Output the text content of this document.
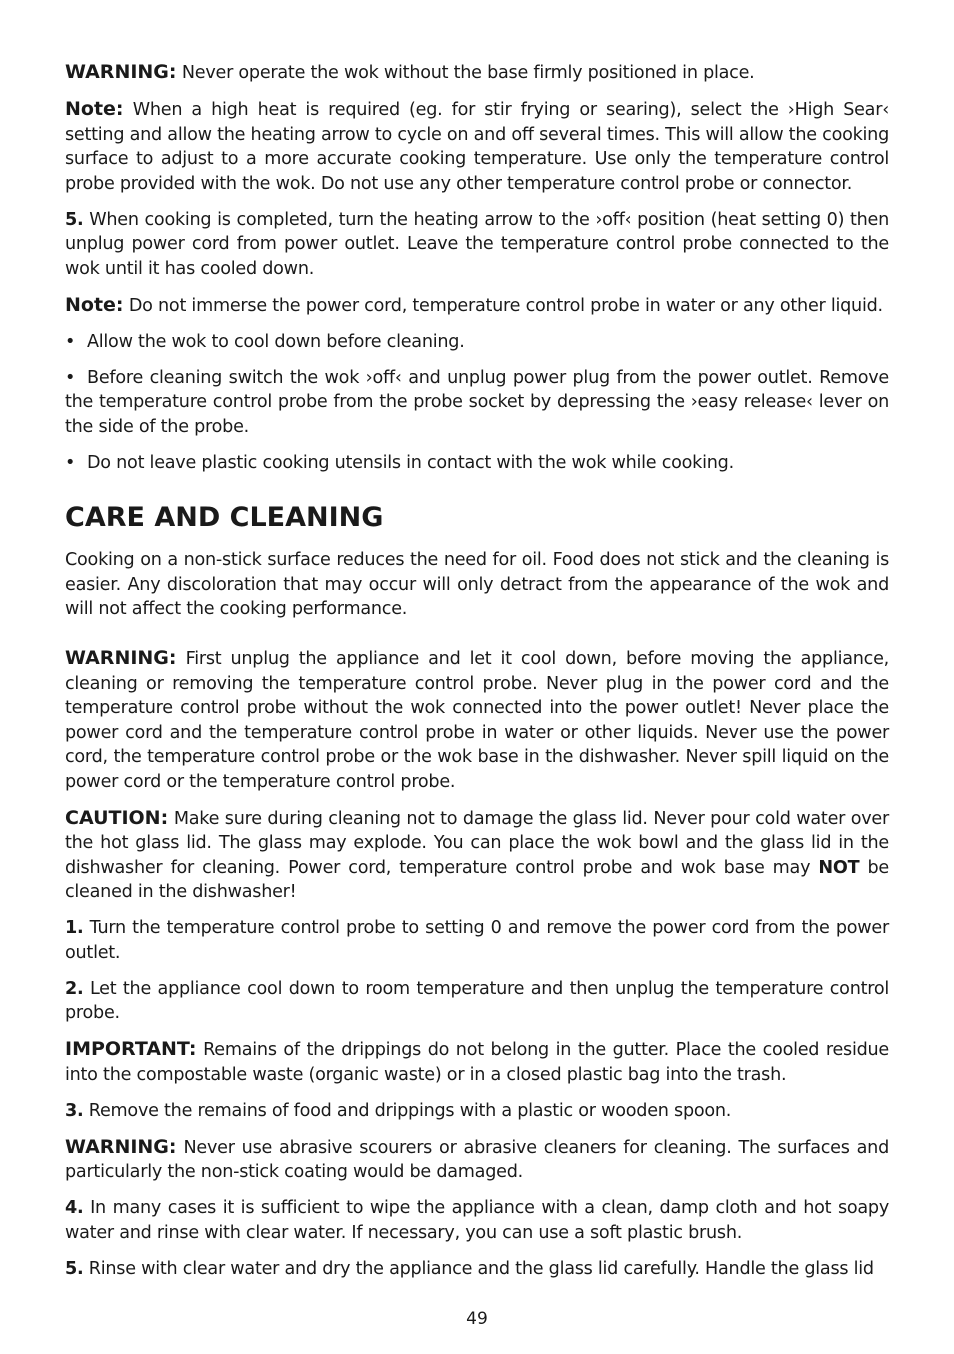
WARNING: Never operate the wok without the base firmly positioned in place.

Note: When a high heat is required (eg. for stir frying or searing), select the ›High Sear‹ setting and allow the heating arrow to cycle on and off several times. This will allow the cooking surface to adjust to a more accurate cooking temperature. Use only the temperature control probe provided with the wok. Do not use any other temperature control probe or connector.

5. When cooking is completed, turn the heating arrow to the ›off‹ position (heat setting 0) then unplug power cord from power outlet. Leave the temperature control probe connected to the wok until it has cooled down.

Note: Do not immerse the power cord, temperature control probe in water or any other liquid.

• Allow the wok to cool down before cleaning.

• Before cleaning switch the wok ›off‹ and unplug power plug from the power outlet. Remove the temperature control probe from the probe socket by depressing the ›easy release‹ lever on the side of the probe.

• Do not leave plastic cooking utensils in contact with the wok while cooking.

CARE AND CLEANING

Cooking on a non-stick surface reduces the need for oil. Food does not stick and the cleaning is easier. Any discoloration that may occur will only detract from the appearance of the wok and will not affect the cooking performance.

WARNING: First unplug the appliance and let it cool down, before moving the appliance, cleaning or removing the temperature control probe. Never plug in the power cord and the temperature control probe without the wok connected into the power outlet! Never place the power cord and the temperature control probe in water or other liquids. Never use the power cord, the temperature control probe or the wok base in the dishwasher. Never spill liquid on the power cord or the temperature control probe.

CAUTION: Make sure during cleaning not to damage the glass lid. Never pour cold water over the hot glass lid. The glass may explode. You can place the wok bowl and the glass lid in the dishwasher for cleaning. Power cord, temperature control probe and wok base may NOT be cleaned in the dishwasher!

1. Turn the temperature control probe to setting 0 and remove the power cord from the power outlet.

2. Let the appliance cool down to room temperature and then unplug the temperature control probe.

IMPORTANT: Remains of the drippings do not belong in the gutter. Place the cooled residue into the compostable waste (organic waste) or in a closed plastic bag into the trash.

3. Remove the remains of food and drippings with a plastic or wooden spoon.

WARNING: Never use abrasive scourers or abrasive cleaners for cleaning. The surfaces and particularly the non-stick coating would be damaged.

4. In many cases it is sufficient to wipe the appliance with a clean, damp cloth and hot soapy water and rinse with clear water. If necessary, you can use a soft plastic brush.

5. Rinse with clear water and dry the appliance and the glass lid carefully. Handle the glass lid

49
